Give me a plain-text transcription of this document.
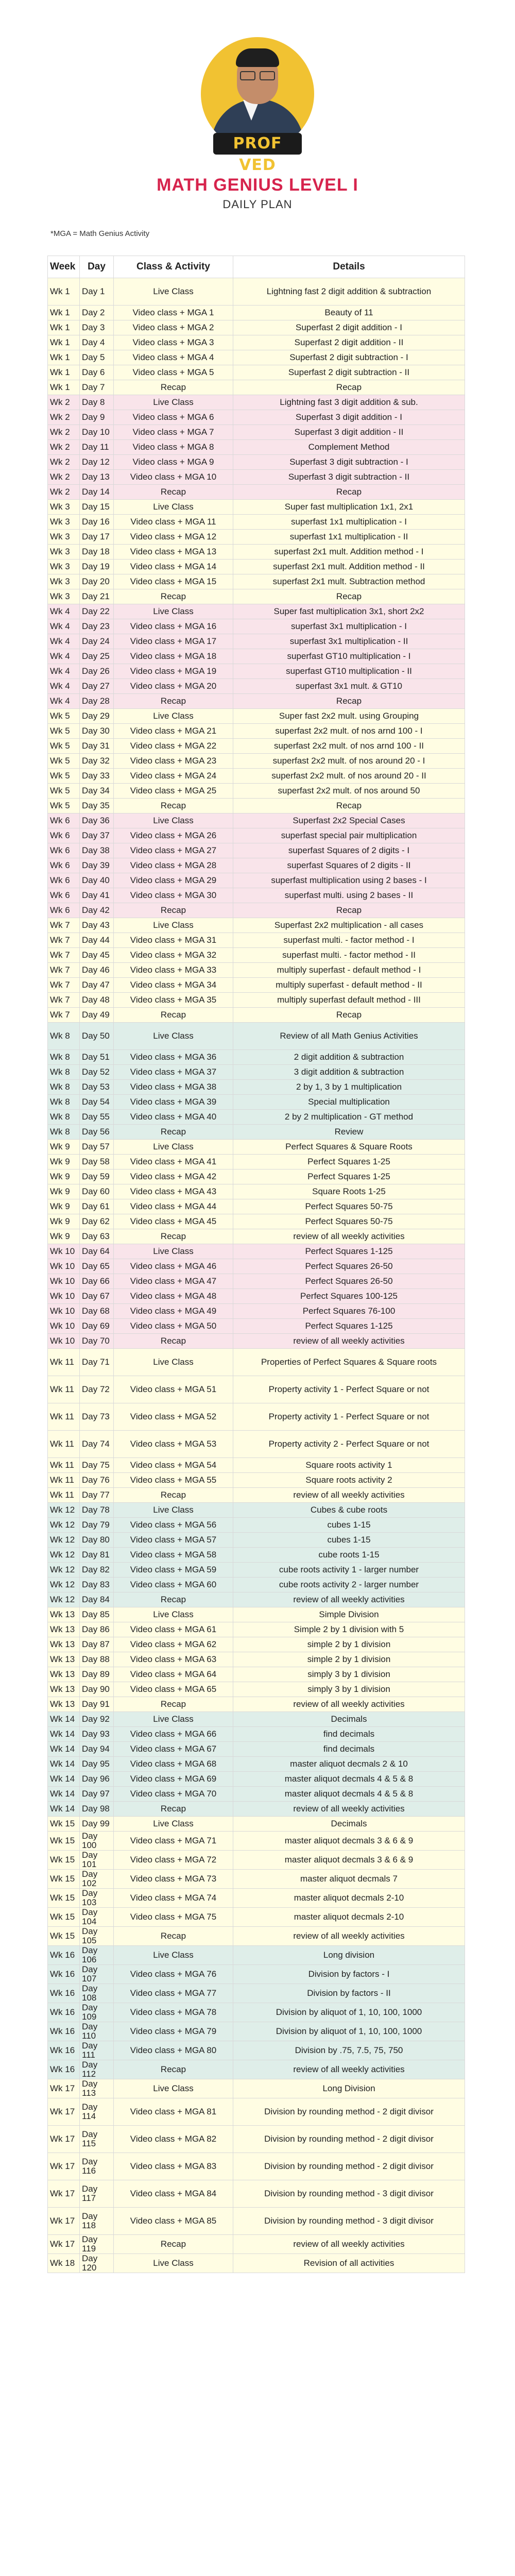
PROF VED
MATH GENIUS LEVEL I
DAILY PLAN
*MGA = Math Genius Activity
Week	Day	Class & Activity	Details
Wk 1	Day 1	Live Class	Lightning fast 2 digit addition & subtraction
Wk 1	Day 2	Video class + MGA 1	Beauty of 11
Wk 1	Day 3	Video class + MGA 2	Superfast 2 digit addition - I
Wk 1	Day 4	Video class + MGA 3	Superfast 2 digit addition - II
Wk 1	Day 5	Video class + MGA 4	Superfast 2 digit subtraction - I
Wk 1	Day 6	Video class + MGA 5	Superfast 2 digit subtraction - II
Wk 1	Day 7	Recap	Recap
Wk 2	Day 8	Live Class	Lightning fast 3 digit addition & sub.
Wk 2	Day 9	Video class + MGA 6	Superfast 3 digit addition - I
Wk 2	Day 10	Video class + MGA 7	Superfast 3 digit addition - II
Wk 2	Day 11	Video class + MGA 8	Complement Method
Wk 2	Day 12	Video class + MGA 9	Superfast 3 digit subtraction - I
Wk 2	Day 13	Video class + MGA 10	Superfast 3 digit subtraction - II
Wk 2	Day 14	Recap	Recap
Wk 3	Day 15	Live Class	Super fast multiplication 1x1, 2x1
Wk 3	Day 16	Video class + MGA 11	superfast 1x1 multiplication - I
Wk 3	Day 17	Video class + MGA 12	superfast 1x1 multiplication - II
Wk 3	Day 18	Video class + MGA 13	superfast 2x1 mult. Addition method - I
Wk 3	Day 19	Video class + MGA 14	superfast 2x1 mult. Addition method - II
Wk 3	Day 20	Video class + MGA 15	superfast 2x1 mult. Subtraction method
Wk 3	Day 21	Recap	Recap
Wk 4	Day 22	Live Class	Super fast multiplication 3x1, short 2x2
Wk 4	Day 23	Video class + MGA 16	superfast 3x1 multiplication - I
Wk 4	Day 24	Video class + MGA 17	superfast 3x1 multiplication - II
Wk 4	Day 25	Video class + MGA 18	superfast GT10 multiplication - I
Wk 4	Day 26	Video class + MGA 19	superfast GT10 multiplication - II
Wk 4	Day 27	Video class + MGA 20	superfast 3x1 mult. & GT10
Wk 4	Day 28	Recap	Recap
Wk 5	Day 29	Live Class	Super fast 2x2 mult. using Grouping
Wk 5	Day 30	Video class + MGA 21	superfast 2x2 mult. of nos arnd 100 - I
Wk 5	Day 31	Video class + MGA 22	superfast 2x2 mult. of nos arnd 100 - II
Wk 5	Day 32	Video class + MGA 23	superfast 2x2 mult. of nos around 20 - I
Wk 5	Day 33	Video class + MGA 24	superfast 2x2 mult. of nos around 20 - II
Wk 5	Day 34	Video class + MGA 25	superfast 2x2 mult. of nos around 50
Wk 5	Day 35	Recap	Recap
Wk 6	Day 36	Live Class	Superfast 2x2 Special Cases
Wk 6	Day 37	Video class + MGA 26	superfast special pair multiplication
Wk 6	Day 38	Video class + MGA 27	superfast Squares of 2 digits - I
Wk 6	Day 39	Video class + MGA 28	superfast Squares of 2 digits - II
Wk 6	Day 40	Video class + MGA 29	superfast multiplication using 2 bases - I
Wk 6	Day 41	Video class + MGA 30	superfast multi. using 2 bases - II
Wk 6	Day 42	Recap	Recap
Wk 7	Day 43	Live Class	Superfast 2x2 multiplication - all cases
Wk 7	Day 44	Video class + MGA 31	superfast multi. - factor method - I
Wk 7	Day 45	Video class + MGA 32	superfast multi. - factor method - II
Wk 7	Day 46	Video class + MGA 33	multiply superfast - default method - I
Wk 7	Day 47	Video class + MGA 34	multiply superfast - default method - II
Wk 7	Day 48	Video class + MGA 35	multiply superfast default method - III
Wk 7	Day 49	Recap	Recap
Wk 8	Day 50	Live Class	Review of all Math Genius Activities
Wk 8	Day 51	Video class + MGA 36	2 digit addition & subtraction
Wk 8	Day 52	Video class + MGA 37	3 digit addition & subtraction
Wk 8	Day 53	Video class + MGA 38	2 by 1, 3 by 1 multiplication
Wk 8	Day 54	Video class + MGA 39	Special multiplication
Wk 8	Day 55	Video class + MGA 40	2 by 2 multiplication - GT method
Wk 8	Day 56	Recap	Review
Wk 9	Day 57	Live Class	Perfect Squares & Square Roots
Wk 9	Day 58	Video class + MGA 41	Perfect Squares 1-25
Wk 9	Day 59	Video class + MGA 42	Perfect Squares 1-25
Wk 9	Day 60	Video class + MGA 43	Square Roots 1-25
Wk 9	Day 61	Video class + MGA 44	Perfect Squares 50-75
Wk 9	Day 62	Video class + MGA 45	Perfect Squares 50-75
Wk 9	Day 63	Recap	review of all weekly activities
Wk 10	Day 64	Live Class	Perfect Squares 1-125
Wk 10	Day 65	Video class + MGA 46	Perfect Squares 26-50
Wk 10	Day 66	Video class + MGA 47	Perfect Squares 26-50
Wk 10	Day 67	Video class + MGA 48	Perfect Squares 100-125
Wk 10	Day 68	Video class + MGA 49	Perfect Squares 76-100
Wk 10	Day 69	Video class + MGA 50	Perfect Squares 1-125
Wk 10	Day 70	Recap	review of all weekly activities
Wk 11	Day 71	Live Class	Properties of Perfect Squares & Square roots
Wk 11	Day 72	Video class + MGA 51	Property activity 1 - Perfect Square or not
Wk 11	Day 73	Video class + MGA 52	Property activity 1 - Perfect Square or not
Wk 11	Day 74	Video class + MGA 53	Property activity 2 - Perfect Square or not
Wk 11	Day 75	Video class + MGA 54	Square roots activity 1
Wk 11	Day 76	Video class + MGA 55	Square roots activity 2
Wk 11	Day 77	Recap	review of all weekly activities
Wk 12	Day 78	Live Class	Cubes & cube roots
Wk 12	Day 79	Video class + MGA 56	cubes 1-15
Wk 12	Day 80	Video class + MGA 57	cubes 1-15
Wk 12	Day 81	Video class + MGA 58	cube roots 1-15
Wk 12	Day 82	Video class + MGA 59	cube roots activity 1 - larger number
Wk 12	Day 83	Video class + MGA 60	cube roots activity 2 - larger number
Wk 12	Day 84	Recap	review of all weekly activities
Wk 13	Day 85	Live Class	Simple Division
Wk 13	Day 86	Video class + MGA 61	Simple 2 by 1 division with 5
Wk 13	Day 87	Video class + MGA 62	simple 2 by 1 division
Wk 13	Day 88	Video class + MGA 63	simple 2 by 1 division
Wk 13	Day 89	Video class + MGA 64	simply 3 by 1 division
Wk 13	Day 90	Video class + MGA 65	simply 3 by 1 division
Wk 13	Day 91	Recap	review of all weekly activities
Wk 14	Day 92	Live Class	Decimals
Wk 14	Day 93	Video class + MGA 66	find decimals
Wk 14	Day 94	Video class + MGA 67	find decimals
Wk 14	Day 95	Video class + MGA 68	master aliquot decmals 2 & 10
Wk 14	Day 96	Video class + MGA 69	master aliquot decmals 4 & 5 & 8
Wk 14	Day 97	Video class + MGA 70	master aliquot decmals 4 & 5 & 8
Wk 14	Day 98	Recap	review of all weekly activities
Wk 15	Day 99	Live Class	Decimals
Wk 15	Day 100	Video class + MGA 71	master aliquot decmals 3 & 6 & 9
Wk 15	Day 101	Video class + MGA 72	master aliquot decmals 3 & 6 & 9
Wk 15	Day 102	Video class + MGA 73	master aliquot decmals 7
Wk 15	Day 103	Video class + MGA 74	master aliquot decmals 2-10
Wk 15	Day 104	Video class + MGA 75	master aliquot decmals 2-10
Wk 15	Day 105	Recap	review of all weekly activities
Wk 16	Day 106	Live Class	Long division
Wk 16	Day 107	Video class + MGA 76	Division by factors - I
Wk 16	Day 108	Video class + MGA 77	Division by factors - II
Wk 16	Day 109	Video class + MGA 78	Division by aliquot of 1, 10, 100, 1000
Wk 16	Day 110	Video class + MGA 79	Division by aliquot of 1, 10, 100, 1000
Wk 16	Day 111	Video class + MGA 80	Division by .75, 7.5, 75, 750
Wk 16	Day 112	Recap	review of all weekly activities
Wk 17	Day 113	Live Class	Long Division
Wk 17	Day 114	Video class + MGA 81	Division by rounding method - 2 digit divisor
Wk 17	Day 115	Video class + MGA 82	Division by rounding method - 2 digit divisor
Wk 17	Day 116	Video class + MGA 83	Division by rounding method - 2 digit divisor
Wk 17	Day 117	Video class + MGA 84	Division by rounding method - 3 digit divisor
Wk 17	Day 118	Video class + MGA 85	Division by rounding method - 3 digit divisor
Wk 17	Day 119	Recap	review of all weekly activities
Wk 18	Day 120	Live Class	Revision of all activities
